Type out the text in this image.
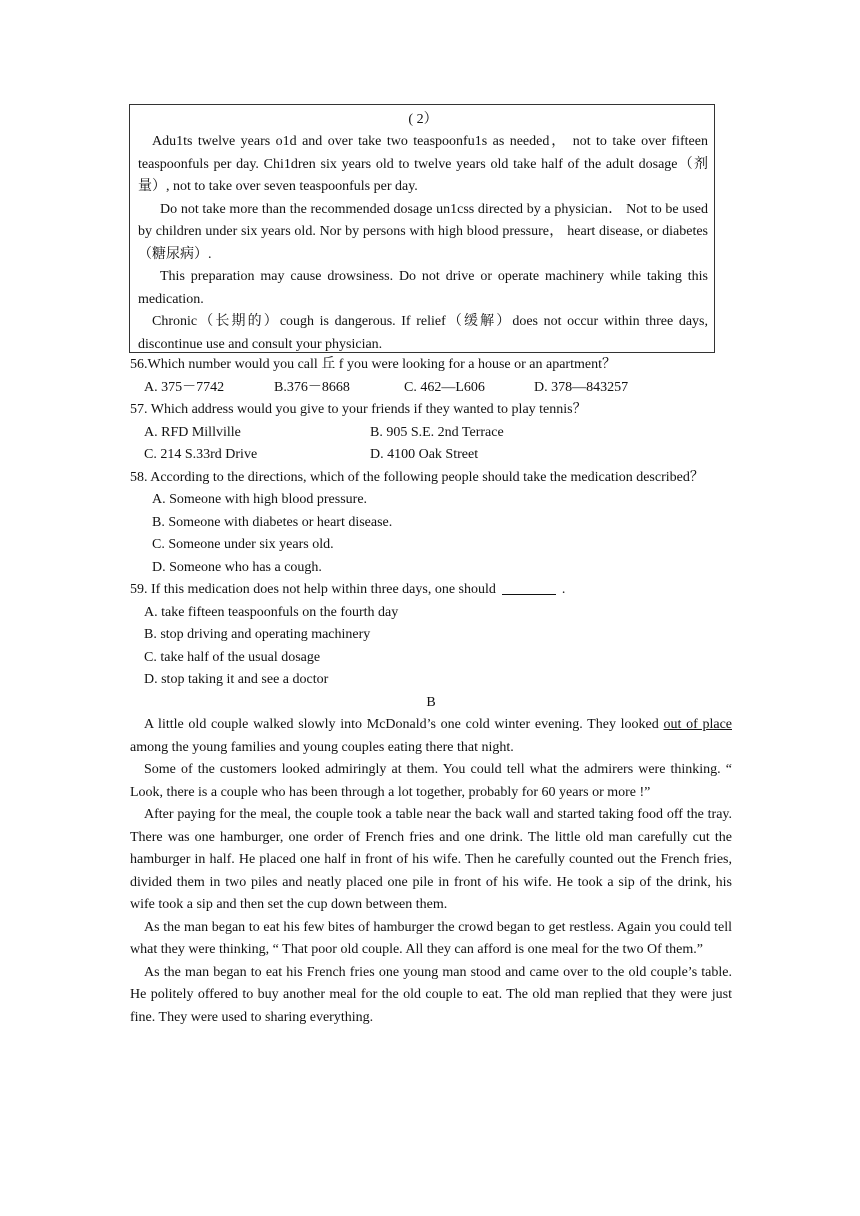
( 2）

Adu1ts twelve years o1d and over take two teaspoonfu1s as needed， not to take over fifteen teaspoonfuls per day. Chi1dren six years old to twelve years old take half of the adult dosage（剂量）, not to take over seven teaspoonfuls per day.

Do not take more than the recommended dosage un1css directed by a physician． Not to be used by children under six years old. Nor by persons with high blood pressure， heart disease, or diabetes（糖尿病）.

This preparation may cause drowsiness. Do not drive or operate machinery while taking this medication.

Chronic（长期的）cough is dangerous. If relief（缓解）does not occur within three days, discontinue use and consult your physician.

56.Which number would you call 丘 f you were looking for a house or an apartment？
A. 375－7742	B.376－8668	C. 462—L606	D. 378—843257
57. Which address would you give to your friends if they wanted to play tennis？
A. RFD Millville	B. 905 S.E. 2nd Terrace
C. 214 S.33rd Drive	D. 4100 Oak Street
58. According to the directions, which of the following people should take the medication described？
A. Someone with high blood pressure.
B. Someone with diabetes or heart disease.
C. Someone under six years old.
D. Someone who has a cough.
59. If this medication does not help within three days, one should	.
A. take fifteen teaspoonfuls on the fourth day
B. stop driving and operating machinery
C. take half of the usual dosage
D. stop taking it and see a doctor
B

A little old couple walked slowly into McDonald’s one cold winter evening. They looked out of place among the young families and young couples eating there that night.

Some of the customers looked admiringly at them. You could tell what the admirers were thinking. “ Look, there is a couple who has been through a lot together, probably for 60 years or more !”

After paying for the meal, the couple took a table near the back wall and started taking food off the tray. There was one hamburger, one order of French fries and one drink. The little old man carefully cut the hamburger in half. He placed one half in front of his wife. Then he carefully counted out the French fries, divided them in two piles and neatly placed one pile in front of his wife. He took a sip of the drink, his wife took a sip and then set the cup down between them.

As the man began to eat his few bites of hamburger the crowd began to get restless. Again you could tell what they were thinking, “ That poor old couple. All they can afford is one meal for the two Of them.”

As the man began to eat his French fries one young man stood and came over to the old couple’s table. He politely offered to buy another meal for the old couple to eat. The old man replied that they were just fine. They were used to sharing everything.
